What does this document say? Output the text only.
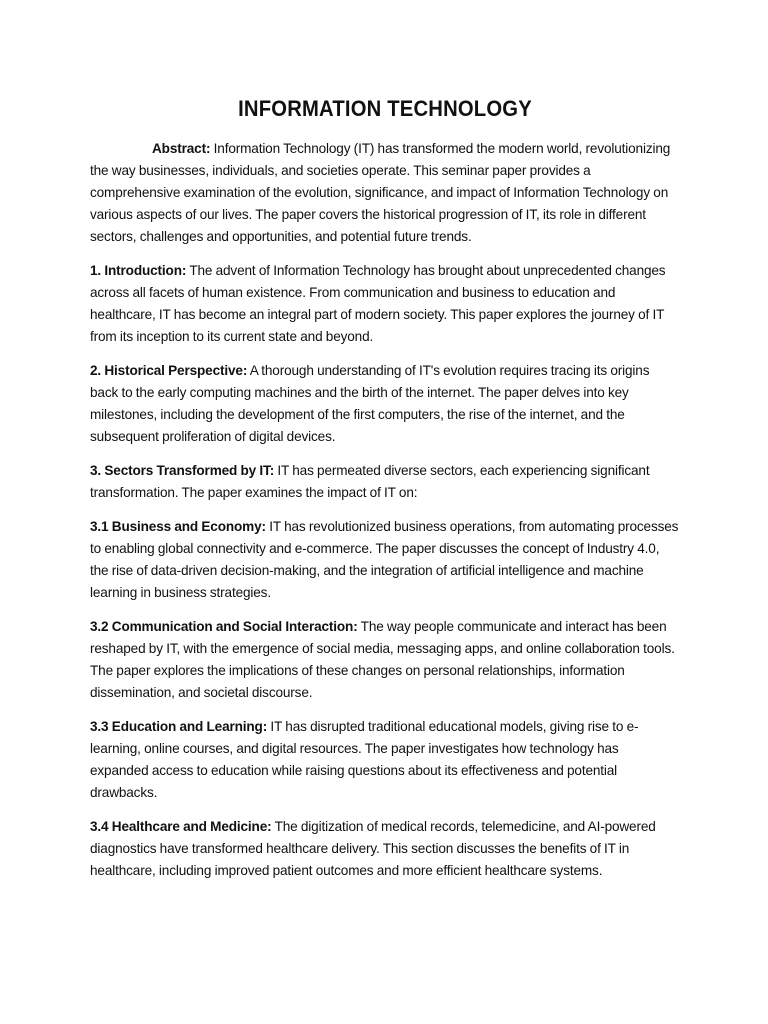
INFORMATION TECHNOLOGY

Abstract: Information Technology (IT) has transformed the modern world, revolutionizing the way businesses, individuals, and societies operate. This seminar paper provides a comprehensive examination of the evolution, significance, and impact of Information Technology on various aspects of our lives. The paper covers the historical progression of IT, its role in different sectors, challenges and opportunities, and potential future trends.

1. Introduction: The advent of Information Technology has brought about unprecedented changes across all facets of human existence. From communication and business to education and healthcare, IT has become an integral part of modern society. This paper explores the journey of IT from its inception to its current state and beyond.

2. Historical Perspective: A thorough understanding of IT's evolution requires tracing its origins back to the early computing machines and the birth of the internet. The paper delves into key milestones, including the development of the first computers, the rise of the internet, and the subsequent proliferation of digital devices.

3. Sectors Transformed by IT: IT has permeated diverse sectors, each experiencing significant transformation. The paper examines the impact of IT on:

3.1 Business and Economy: IT has revolutionized business operations, from automating processes to enabling global connectivity and e-commerce. The paper discusses the concept of Industry 4.0, the rise of data-driven decision-making, and the integration of artificial intelligence and machine learning in business strategies.

3.2 Communication and Social Interaction: The way people communicate and interact has been reshaped by IT, with the emergence of social media, messaging apps, and online collaboration tools. The paper explores the implications of these changes on personal relationships, information dissemination, and societal discourse.

3.3 Education and Learning: IT has disrupted traditional educational models, giving rise to e-learning, online courses, and digital resources. The paper investigates how technology has expanded access to education while raising questions about its effectiveness and potential drawbacks.

3.4 Healthcare and Medicine: The digitization of medical records, telemedicine, and AI-powered diagnostics have transformed healthcare delivery. This section discusses the benefits of IT in healthcare, including improved patient outcomes and more efficient healthcare systems.
